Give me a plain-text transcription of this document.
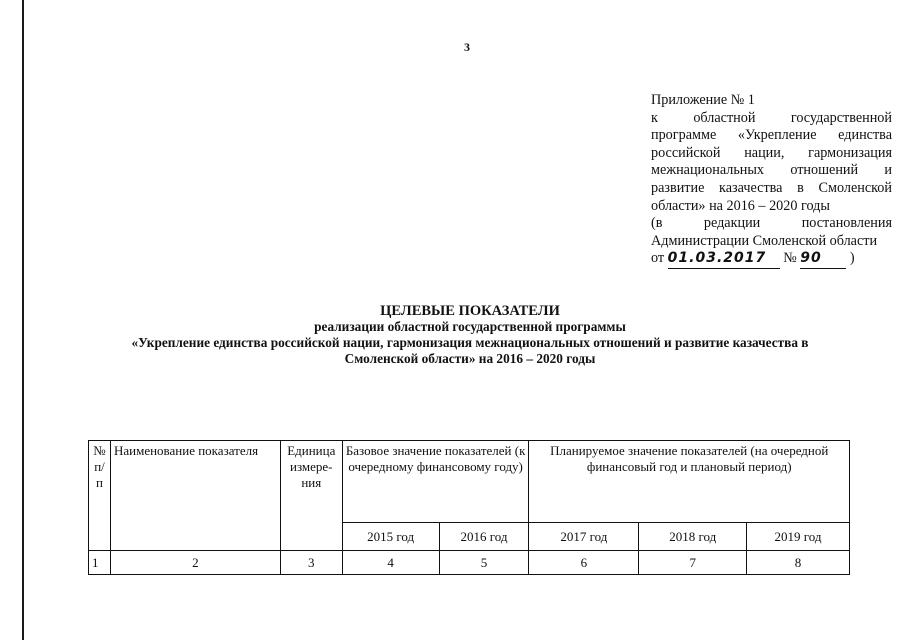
3
Приложение № 1
к областной государственной
программе «Укрепление единства
российской нации, гармонизация
межнациональных отношений и
развитие казачества в Смоленской
области» на 2016 – 2020 годы
(в редакции постановления
Администрации Смоленской области
от 01.03.2017 № 90 )
ЦЕЛЕВЫЕ ПОКАЗАТЕЛИ
реализации областной государственной программы
«Укрепление единства российской нации, гармонизация межнациональных отношений и развитие казачества в
Смоленской области» на 2016 – 2020 годы
№ п/п	Наименование показателя	Единица измере-ния	Базовое значение показателей (к очередному финансовому году)		Планируемое значение показателей (на очередной финансовый год и плановый период)		
			2015 год	2016 год	2017 год	2018 год	2019 год
1	2	3	4	5	6	7	8
